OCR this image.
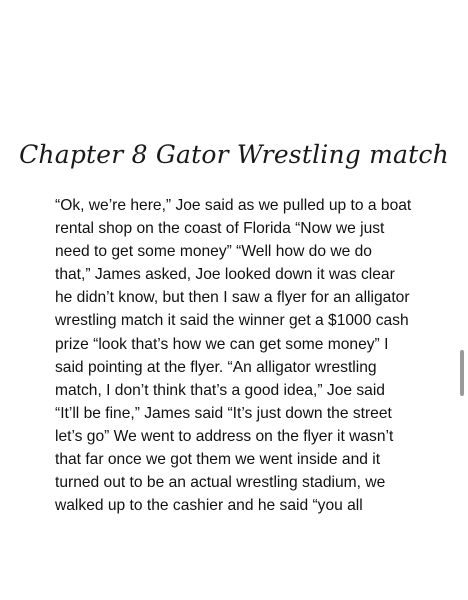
Chapter 8 Gator Wrestling match
“Ok, we’re here,” Joe said as we pulled up to a boat
rental shop on the coast of Florida “Now we just
need to get some money” “Well how do we do
that,” James asked, Joe looked down it was clear
he didn’t know, but then I saw a flyer for an alligator
wrestling match it said the winner get a $1000 cash
prize “look that’s how we can get some money” I
said pointing at the flyer. “An alligator wrestling
match, I don’t think that’s a good idea,” Joe said
“It’ll be fine,” James said “It’s just down the street
let’s go” We went to address on the flyer it wasn’t
that far once we got them we went inside and it
turned out to be an actual wrestling stadium, we
walked up to the cashier and he said “you all
